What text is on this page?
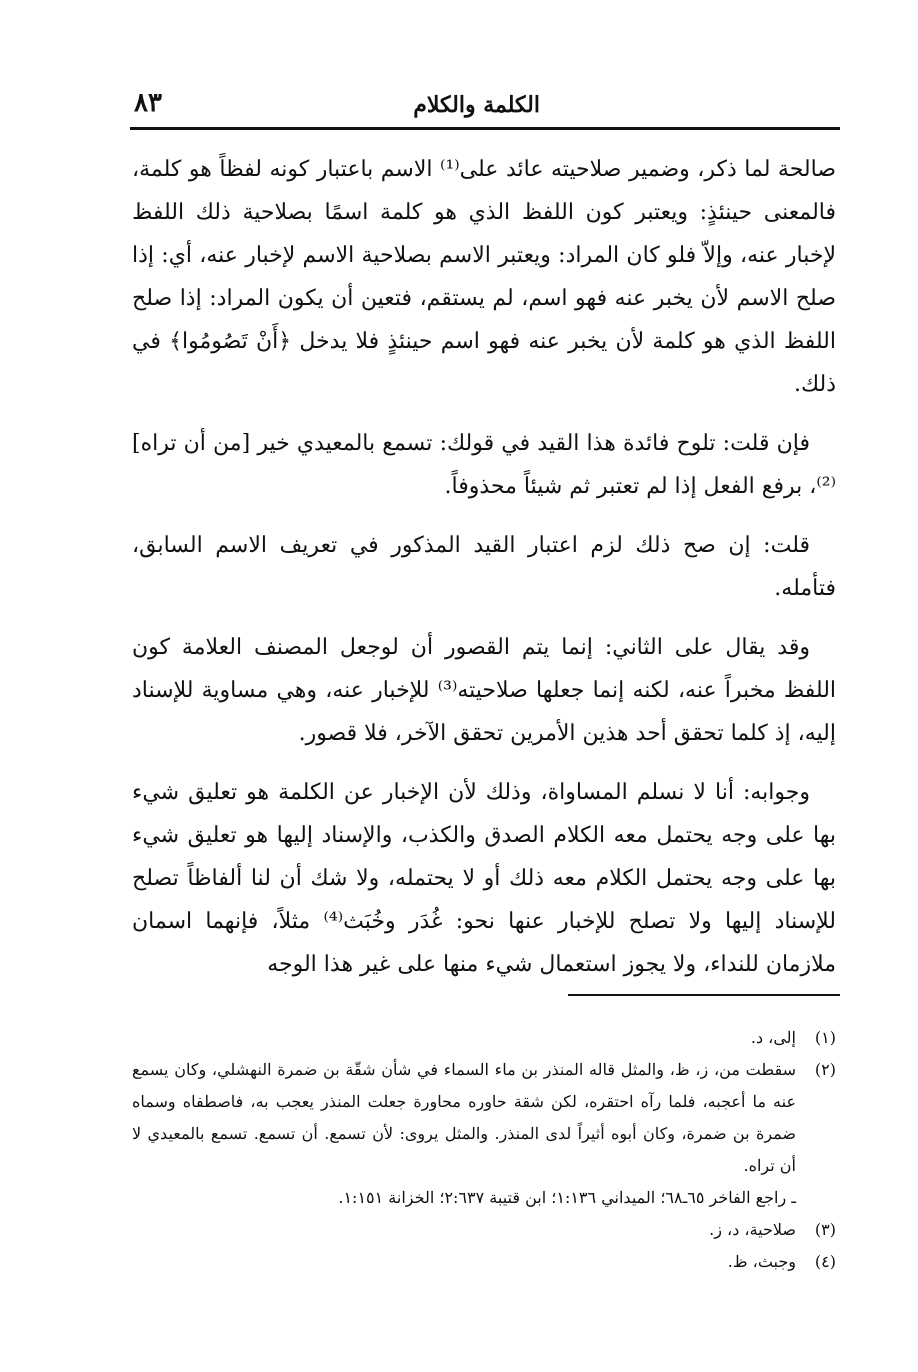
الكلمة والكلام
٨٣

صالحة لما ذكر، وضمير صلاحيته عائد على⁽¹⁾ الاسم باعتبار كونه لفظاً هو كلمة، فالمعنى حينئذٍ: ويعتبر كون اللفظ الذي هو كلمة اسمًا بصلاحية ذلك اللفظ لإخبار عنه، وإلاّ فلو كان المراد: ويعتبر الاسم بصلاحية الاسم لإخبار عنه، أي: إذا صلح الاسم لأن يخبر عنه فهو اسم، لم يستقم، فتعين أن يكون المراد: إذا صلح اللفظ الذي هو كلمة لأن يخبر عنه فهو اسم حينئذٍ فلا يدخل ﴿أَنْ تَصُومُوا﴾ في ذلك.

فإن قلت: تلوح فائدة هذا القيد في قولك: تسمع بالمعيدي خير [من أن تراه]⁽²⁾، برفع الفعل إذا لم تعتبر ثم شيئاً محذوفاً.

قلت: إن صح ذلك لزم اعتبار القيد المذكور في تعريف الاسم السابق، فتأمله.

وقد يقال على الثاني: إنما يتم القصور أن لوجعل المصنف العلامة كون اللفظ مخبراً عنه، لكنه إنما جعلها صلاحيته⁽³⁾ للإخبار عنه، وهي مساوية للإسناد إليه، إذ كلما تحقق أحد هذين الأمرين تحقق الآخر، فلا قصور.

وجوابه: أنا لا نسلم المساواة، وذلك لأن الإخبار عن الكلمة هو تعليق شيء بها على وجه يحتمل معه الكلام الصدق والكذب، والإسناد إليها هو تعليق شيء بها على وجه يحتمل الكلام معه ذلك أو لا يحتمله، ولا شك أن لنا ألفاظاً تصلح للإسناد إليها ولا تصلح للإخبار عنها نحو: غُدَر وخُبَث⁽⁴⁾ مثلاً، فإنهما اسمان ملازمان للنداء، ولا يجوز استعمال شيء منها على غير هذا الوجه

(١)
إلى، د.
(٢)
سقطت من، ز، ظ، والمثل قاله المنذر بن ماء السماء في شأن شقّة بن ضمرة النهشلي، وكان يسمع عنه ما أعجبه، فلما رآه احتقره، لكن شقة حاوره محاورة جعلت المنذر يعجب به، فاصطفاه وسماه ضمرة بن ضمرة، وكان أبوه أثيراً لدى المنذر. والمثل يروى: لأن تسمع. أن تسمع. تسمع بالمعيدي لا أن تراه.
ـ راجع الفاخر ٦٥ـ٦٨؛ الميداني ١:١٣٦؛ ابن قتيبة ٢:٦٣٧؛ الخزانة ١:١٥١.
(٣)
صلاحية، د، ز.
(٤)
وجبث، ظ.
